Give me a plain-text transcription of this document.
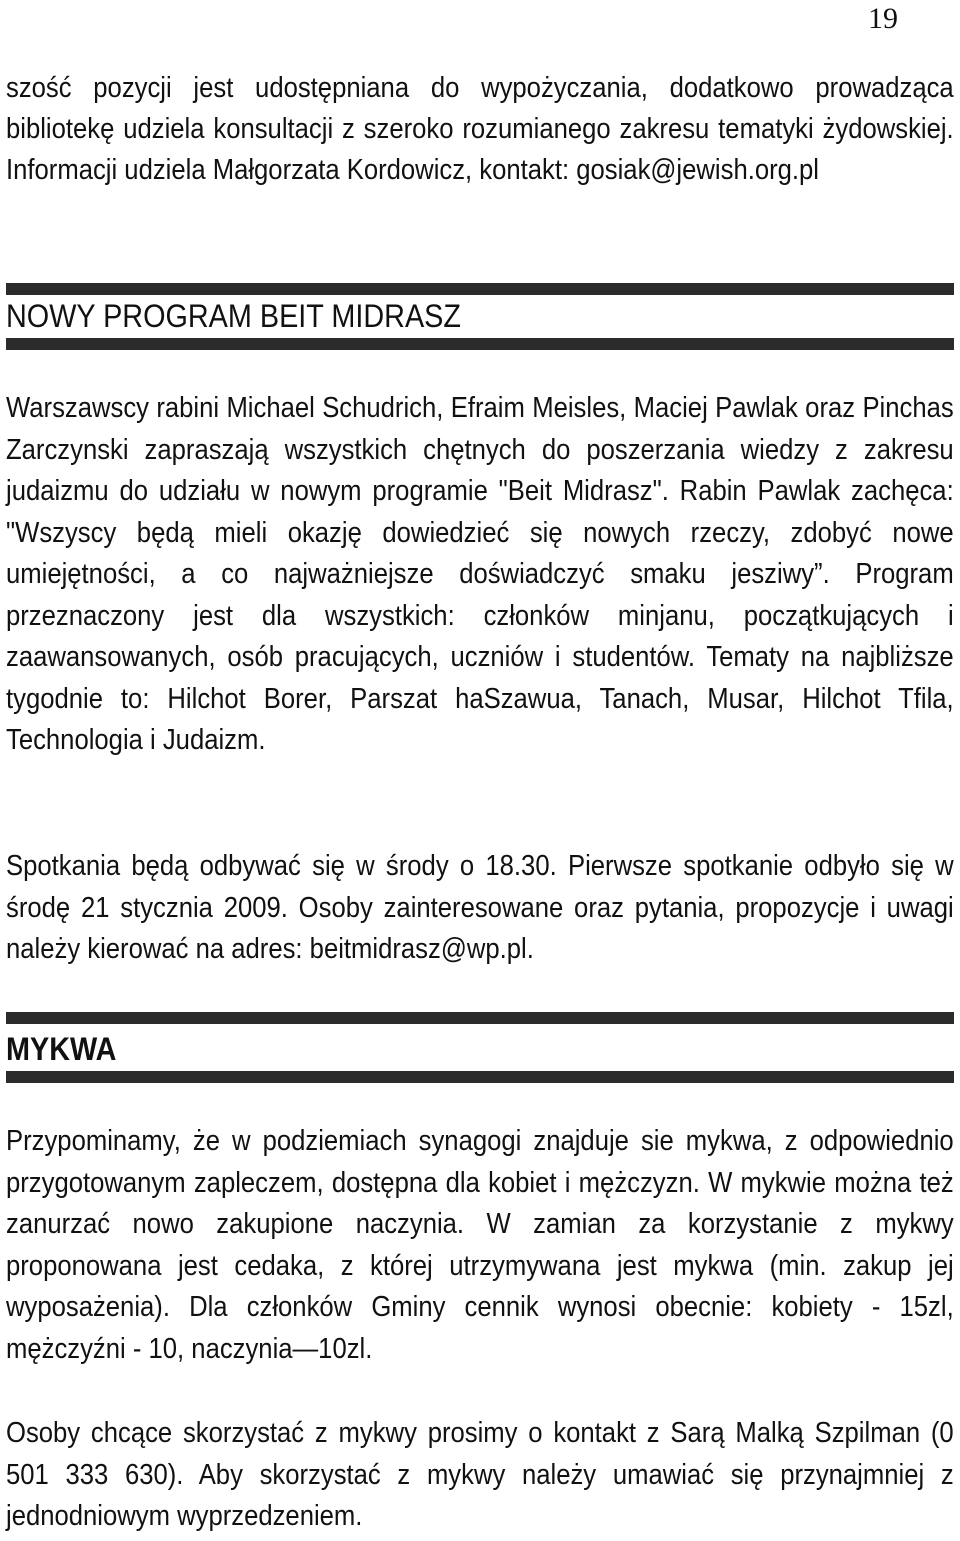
19

szość pozycji jest udostępniana do wypożyczania, dodatkowo prowadząca bibliotekę udziela konsultacji z szeroko rozumianego zakresu tematyki żydowskiej. Informacji udziela Małgorzata Kordowicz, kontakt: gosiak@jewish.org.pl

NOWY PROGRAM BEIT MIDRASZ

Warszawscy rabini Michael Schudrich, Efraim Meisles, Maciej Pawlak oraz Pinchas Zarczynski zapraszają wszystkich chętnych do poszerzania wiedzy z zakresu judaizmu do udziału w nowym programie "Beit Midrasz". Rabin Pawlak zachęca: "Wszyscy będą mieli okazję dowiedzieć się nowych rzeczy, zdobyć nowe umiejętności, a co najważniejsze doświadczyć smaku jesziwy”. Program przeznaczony jest dla wszystkich: członków minjanu, początkujących i zaawansowanych, osób pracujących, uczniów i studentów. Tematy na najbliższe tygodnie to: Hilchot Borer, Parszat haSzawua, Tanach, Musar, Hilchot Tfila, Technologia i Judaizm.

Spotkania będą odbywać się w środy o 18.30. Pierwsze spotkanie odbyło się w środę 21 stycznia 2009. Osoby zainteresowane oraz pytania, propozycje i uwagi należy kierować na adres: beitmidrasz@wp.pl.

MYKWA

Przypominamy, że w podziemiach synagogi znajduje sie mykwa, z odpowiednio przygotowanym zapleczem, dostępna dla kobiet i mężczyzn. W mykwie można też zanurzać nowo zakupione naczynia. W zamian za korzystanie z mykwy proponowana jest cedaka, z której utrzymywana jest mykwa (min. zakup jej wyposażenia). Dla członków Gminy cennik wynosi obecnie: kobiety - 15zl, mężczyźni - 10, naczynia—10zl.

Osoby chcące skorzystać z mykwy prosimy o kontakt z Sarą Malką Szpilman (0 501 333 630). Aby skorzystać z mykwy należy umawiać się przynajmniej z jednodniowym wyprzedzeniem.
